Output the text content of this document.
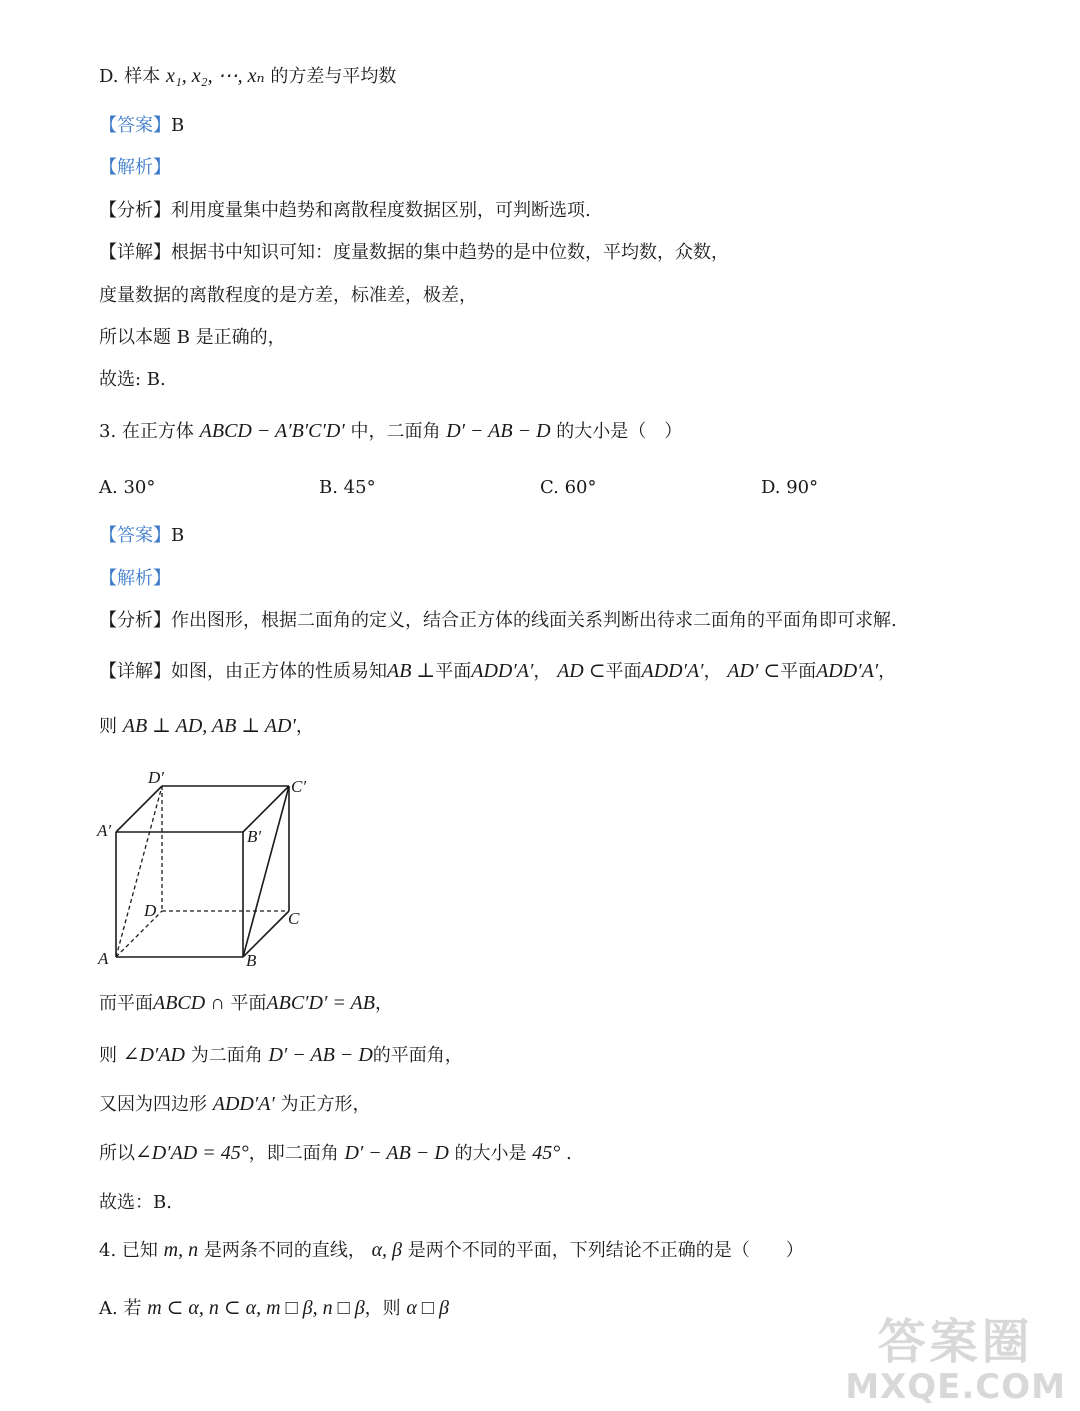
D. 样本 x₁, x₂, ⋯, xₙ 的方差与平均数
【答案】B
【解析】
【分析】利用度量集中趋势和离散程度数据区别，可判断选项.
【详解】根据书中知识可知：度量数据的集中趋势的是中位数，平均数，众数，
度量数据的离散程度的是方差，标准差，极差，
所以本题 B 是正确的，
故选: B.
3. 在正方体 ABCD − A′B′C′D′ 中，二面角 D′ − AB − D 的大小是（　）
A. 30°	B. 45°	C. 60°	D. 90°
【答案】B
【解析】
【分析】作出图形，根据二面角的定义，结合正方体的线面关系判断出待求二面角的平面角即可求解.
【详解】如图，由正方体的性质易知AB ⊥平面ADD′A′， AD ⊂平面ADD′A′， AD′ ⊂平面ADD′A′，
则 AB ⊥ AD, AB ⊥ AD′，
A	B
C
D
A′	B′
C′
D′
而平面ABCD ∩ 平面ABC′D′ = AB，
则 ∠D′AD 为二面角 D′ − AB − D的平面角，
又因为四边形 ADD′A′ 为正方形，
所以∠D′AD = 45°，即二面角 D′ − AB − D 的大小是 45° .
故选：B.
4. 已知 m, n 是两条不同的直线， α, β 是两个不同的平面，下列结论不正确的是（　　）
A. 若 m ⊂ α, n ⊂ α, m □ β, n □ β，则 α □ β
答案圈
MXQE.COM
